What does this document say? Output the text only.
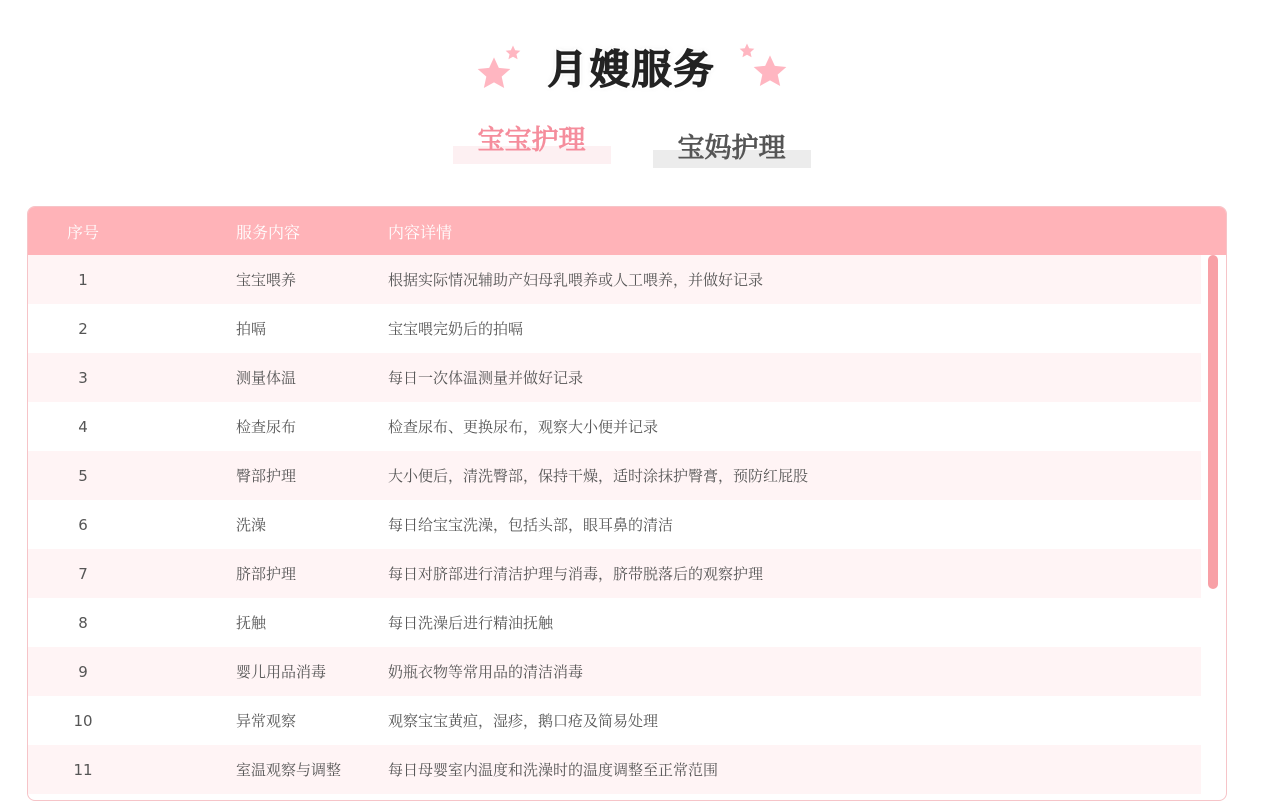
月嫂服务
宝宝护理	宝妈护理
序号	服务内容	内容详情
1	宝宝喂养	根据实际情况辅助产妇母乳喂养或人工喂养，并做好记录
2	拍嗝	宝宝喂完奶后的拍嗝
3	测量体温	每日一次体温测量并做好记录
4	检查尿布	检查尿布、更换尿布，观察大小便并记录
5	臀部护理	大小便后，清洗臀部，保持干燥，适时涂抹护臀膏，预防红屁股
6	洗澡	每日给宝宝洗澡，包括头部，眼耳鼻的清洁
7	脐部护理	每日对脐部进行清洁护理与消毒，脐带脱落后的观察护理
8	抚触	每日洗澡后进行精油抚触
9	婴儿用品消毒	奶瓶衣物等常用品的清洁消毒
10	异常观察	观察宝宝黄疸，湿疹，鹅口疮及简易处理
11	室温观察与调整	每日母婴室内温度和洗澡时的温度调整至正常范围
